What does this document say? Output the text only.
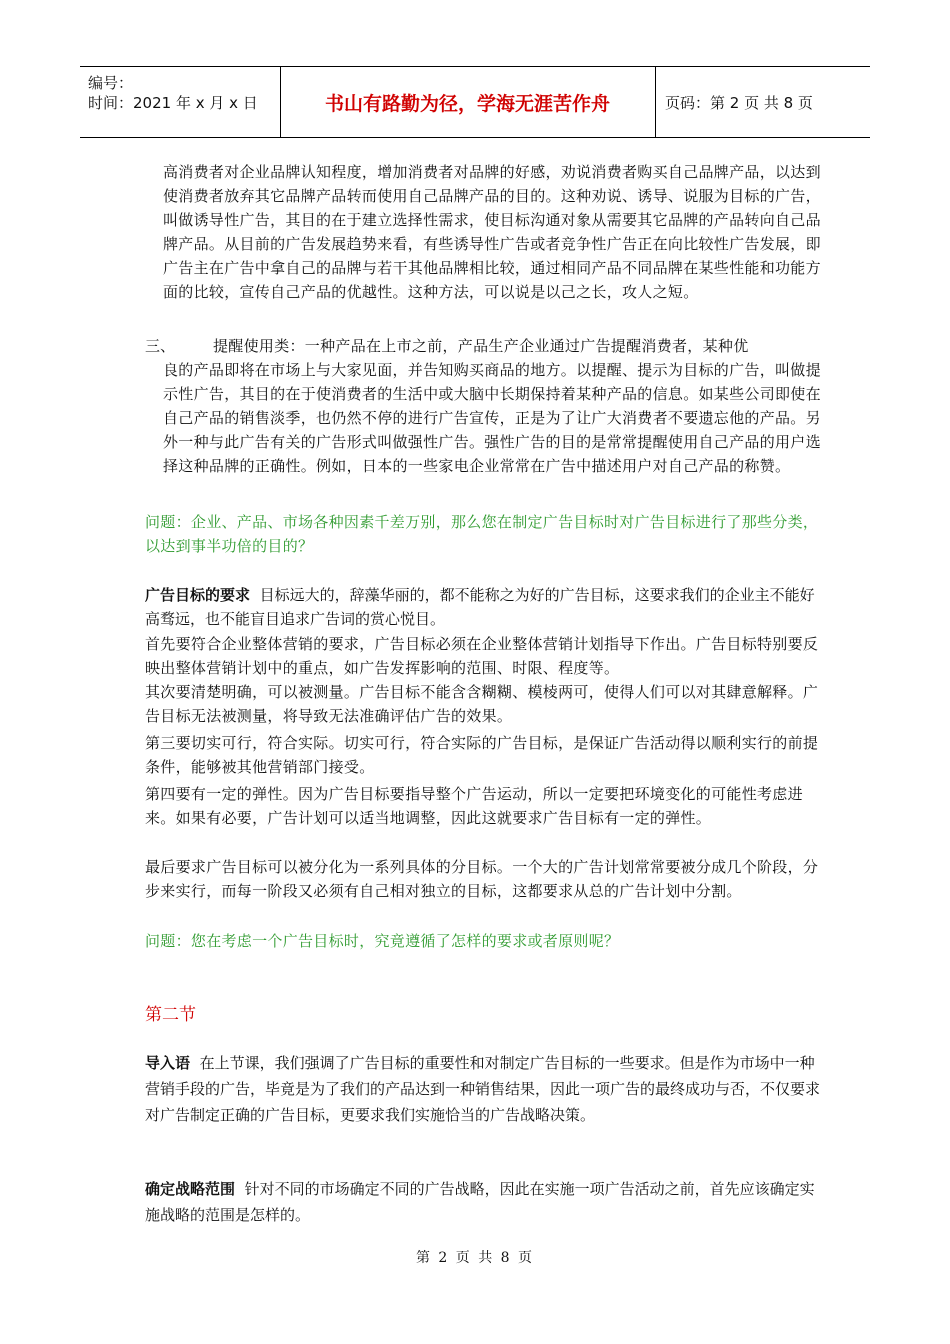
编号：
时间：2021 年 x 月 x 日	书山有路勤为径，学海无涯苦作舟	页码：第 2 页 共 8 页

高消费者对企业品牌认知程度，增加消费者对品牌的好感，劝说消费者购买自己品牌产品，以达到使消费者放弃其它品牌产品转而使用自己品牌产品的目的。这种劝说、诱导、说服为目标的广告，叫做诱导性广告，其目的在于建立选择性需求，使目标沟通对象从需要其它品牌的产品转向自己品牌产品。从目前的广告发展趋势来看，有些诱导性广告或者竞争性广告正在向比较性广告发展，即广告主在广告中拿自己的品牌与若干其他品牌相比较，通过相同产品不同品牌在某些性能和功能方面的比较，宣传自己产品的优越性。这种方法，可以说是以己之长，攻人之短。

三、	提醒使用类：一种产品在上市之前，产品生产企业通过广告提醒消费者，某种优

良的产品即将在市场上与大家见面，并告知购买商品的地方。以提醒、提示为目标的广告，叫做提示性广告，其目的在于使消费者的生活中或大脑中长期保持着某种产品的信息。如某些公司即使在自己产品的销售淡季，也仍然不停的进行广告宣传，正是为了让广大消费者不要遗忘他的产品。另外一种与此广告有关的广告形式叫做强性广告。强性广告的目的是常常提醒使用自己产品的用户选择这种品牌的正确性。例如，日本的一些家电企业常常在广告中描述用户对自己产品的称赞。

问题：企业、产品、市场各种因素千差万别，那么您在制定广告目标时对广告目标进行了那些分类，以达到事半功倍的目的？

广告目标的要求 目标远大的，辞藻华丽的，都不能称之为好的广告目标，这要求我们的企业主不能好高骛远，也不能盲目追求广告词的赏心悦目。

首先要符合企业整体营销的要求，广告目标必须在企业整体营销计划指导下作出。广告目标特别要反映出整体营销计划中的重点，如广告发挥影响的范围、时限、程度等。

其次要清楚明确，可以被测量。广告目标不能含含糊糊、模棱两可，使得人们可以对其肆意解释。广告目标无法被测量，将导致无法准确评估广告的效果。

第三要切实可行，符合实际。切实可行，符合实际的广告目标，是保证广告活动得以顺利实行的前提条件，能够被其他营销部门接受。

第四要有一定的弹性。因为广告目标要指导整个广告运动，所以一定要把环境变化的可能性考虑进来。如果有必要，广告计划可以适当地调整，因此这就要求广告目标有一定的弹性。

最后要求广告目标可以被分化为一系列具体的分目标。一个大的广告计划常常要被分成几个阶段，分步来实行，而每一阶段又必须有自己相对独立的目标，这都要求从总的广告计划中分割。

问题：您在考虑一个广告目标时，究竟遵循了怎样的要求或者原则呢？

第二节

导入语 在上节课，我们强调了广告目标的重要性和对制定广告目标的一些要求。但是作为市场中一种营销手段的广告，毕竟是为了我们的产品达到一种销售结果，因此一项广告的最终成功与否，不仅要求对广告制定正确的广告目标，更要求我们实施恰当的广告战略决策。

确定战略范围 针对不同的市场确定不同的广告战略，因此在实施一项广告活动之前，首先应该确定实施战略的范围是怎样的。

第 2 页 共 8 页
